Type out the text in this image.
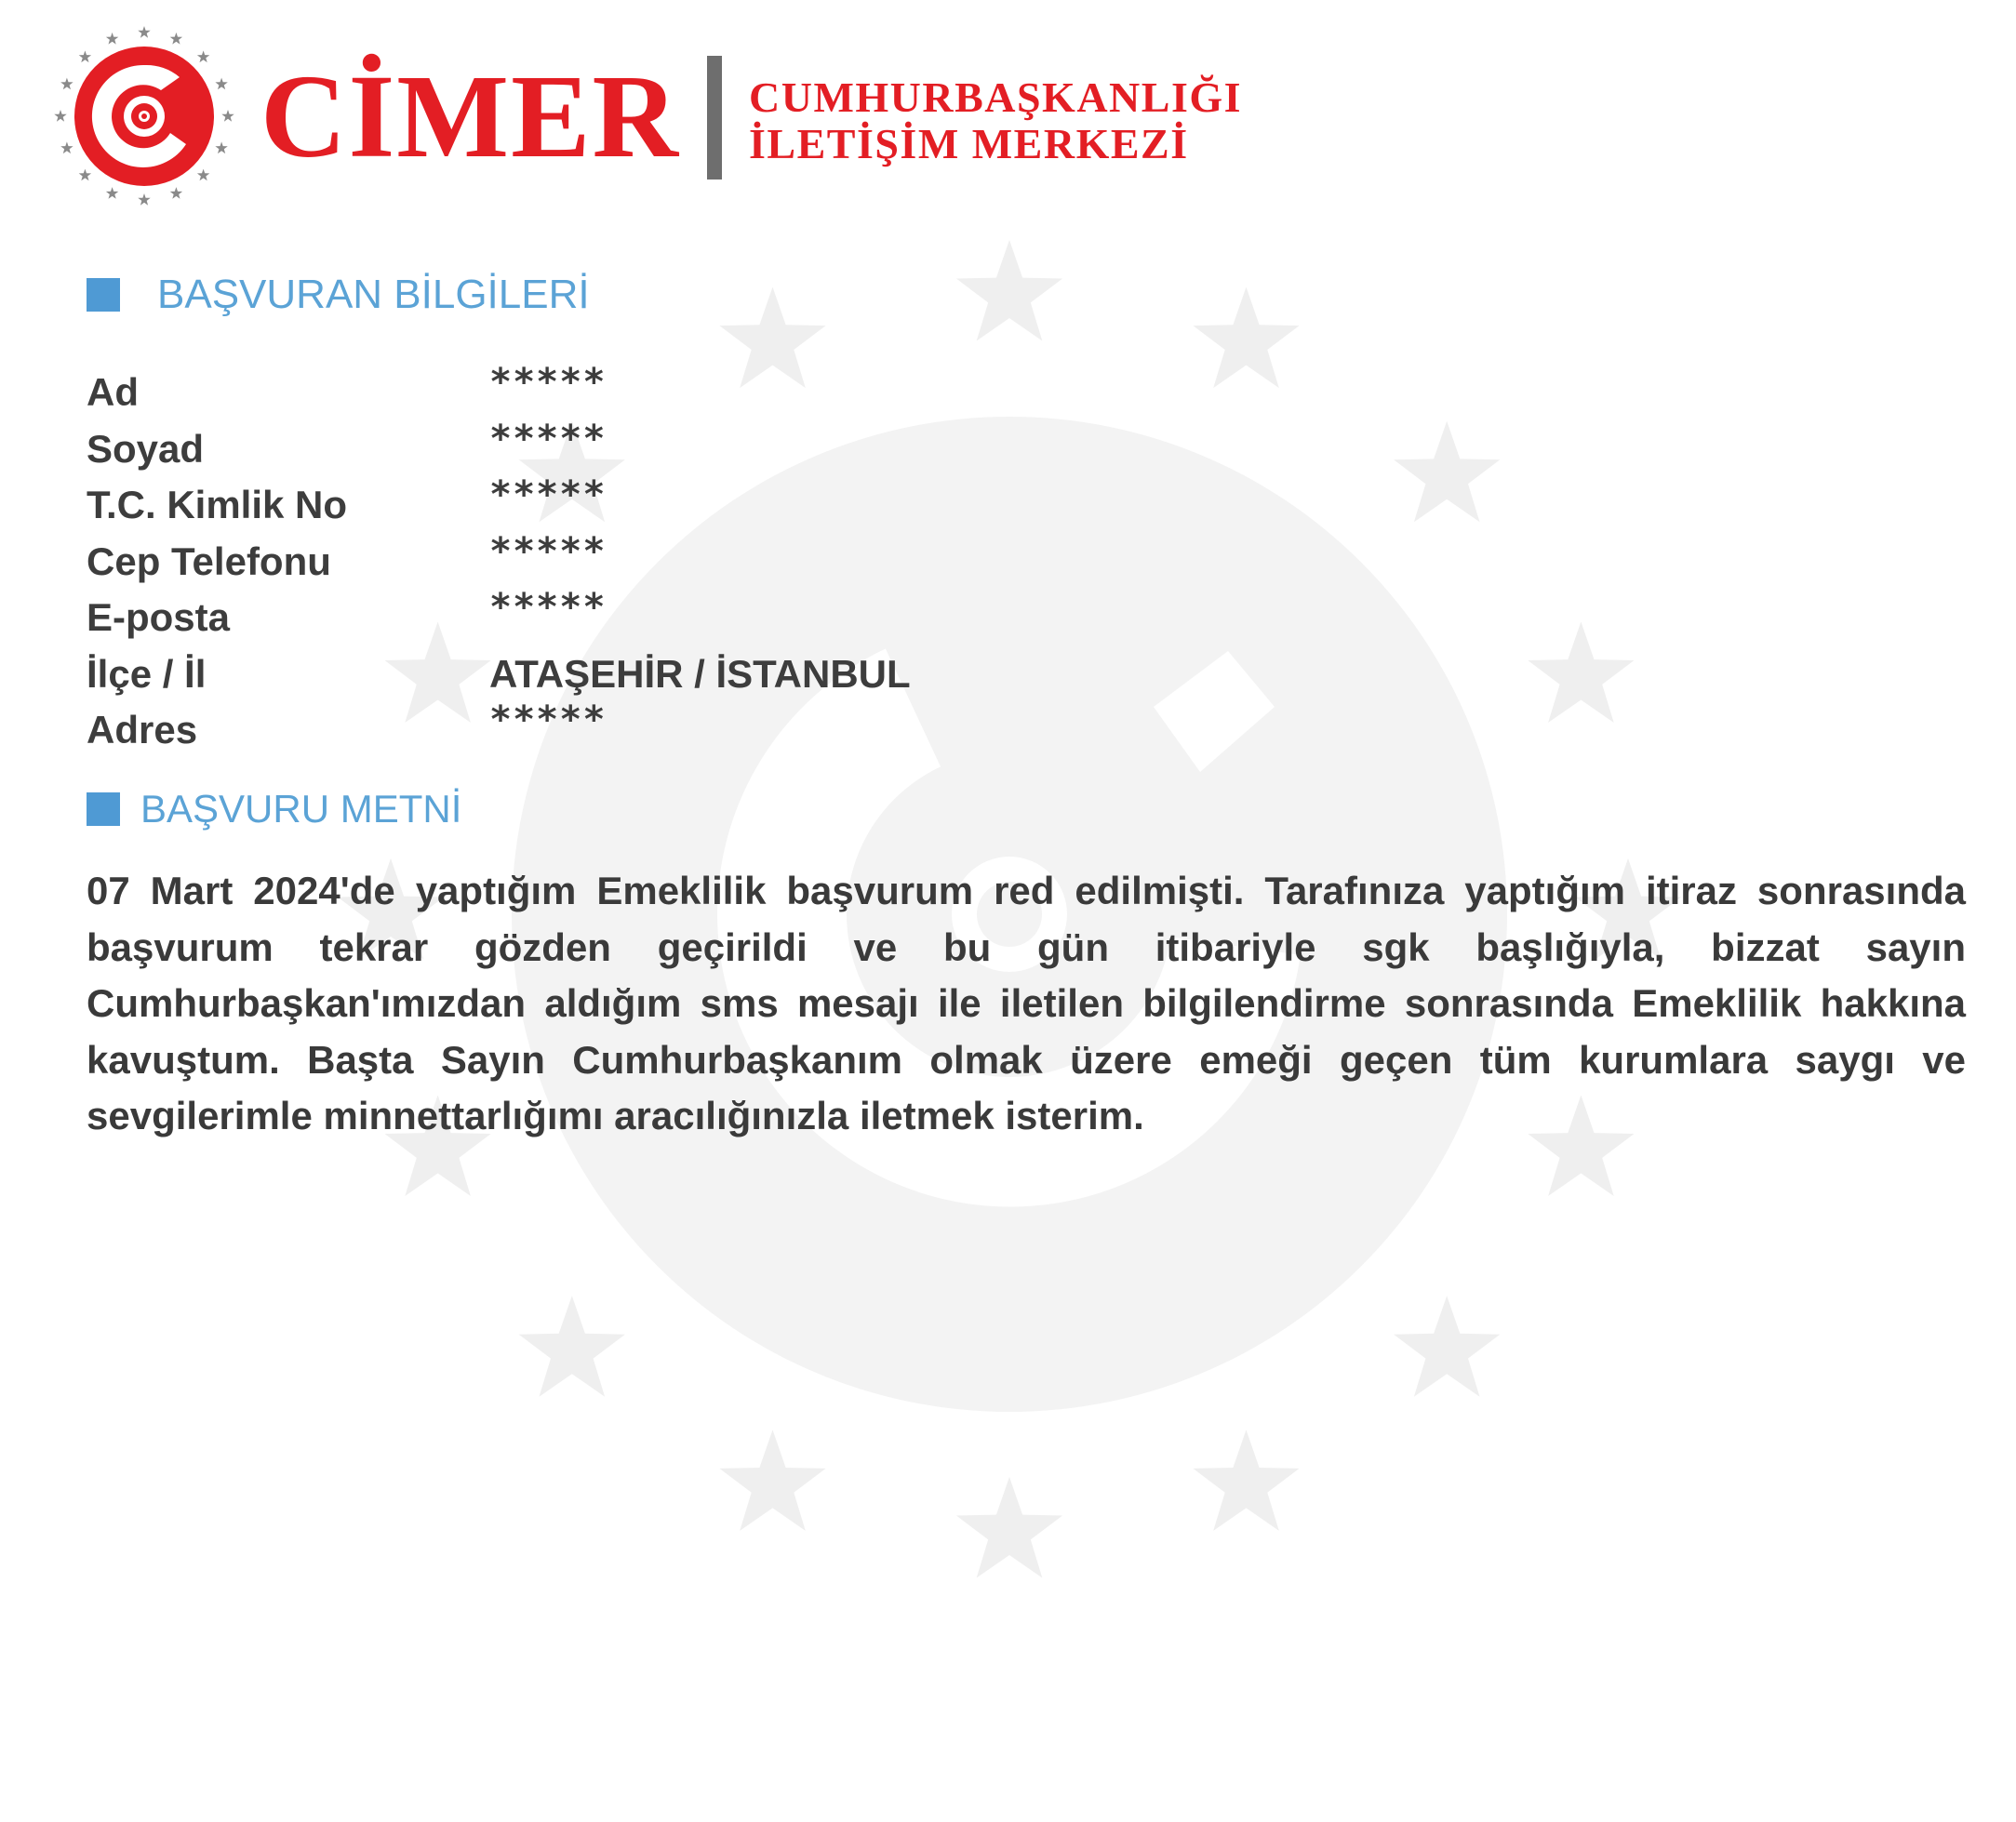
CİMER CUMHURBAŞKANLIĞI
İLETİŞİM MERKEZİ
BAŞVURAN BİLGİLERİ
Ad	*****
Soyad	*****
T.C. Kimlik No	*****
Cep Telefonu	*****
E-posta	*****
İlçe / İl	ATAŞEHİR / İSTANBUL
Adres	*****
BAŞVURU METNİ
07 Mart 2024'de yaptığım Emeklilik başvurum red edilmişti. Tarafınıza yaptığım itiraz sonrasında başvurum tekrar gözden geçirildi ve bu gün itibariyle sgk başlığıyla, bizzat sayın Cumhurbaşkan'ımızdan aldığım sms mesajı ile iletilen bilgilendirme sonrasında Emeklilik hakkına kavuştum. Başta Sayın Cumhurbaşkanım olmak üzere emeği geçen tüm kurumlara saygı ve sevgilerimle minnettarlığımı aracılığınızla iletmek isterim.
